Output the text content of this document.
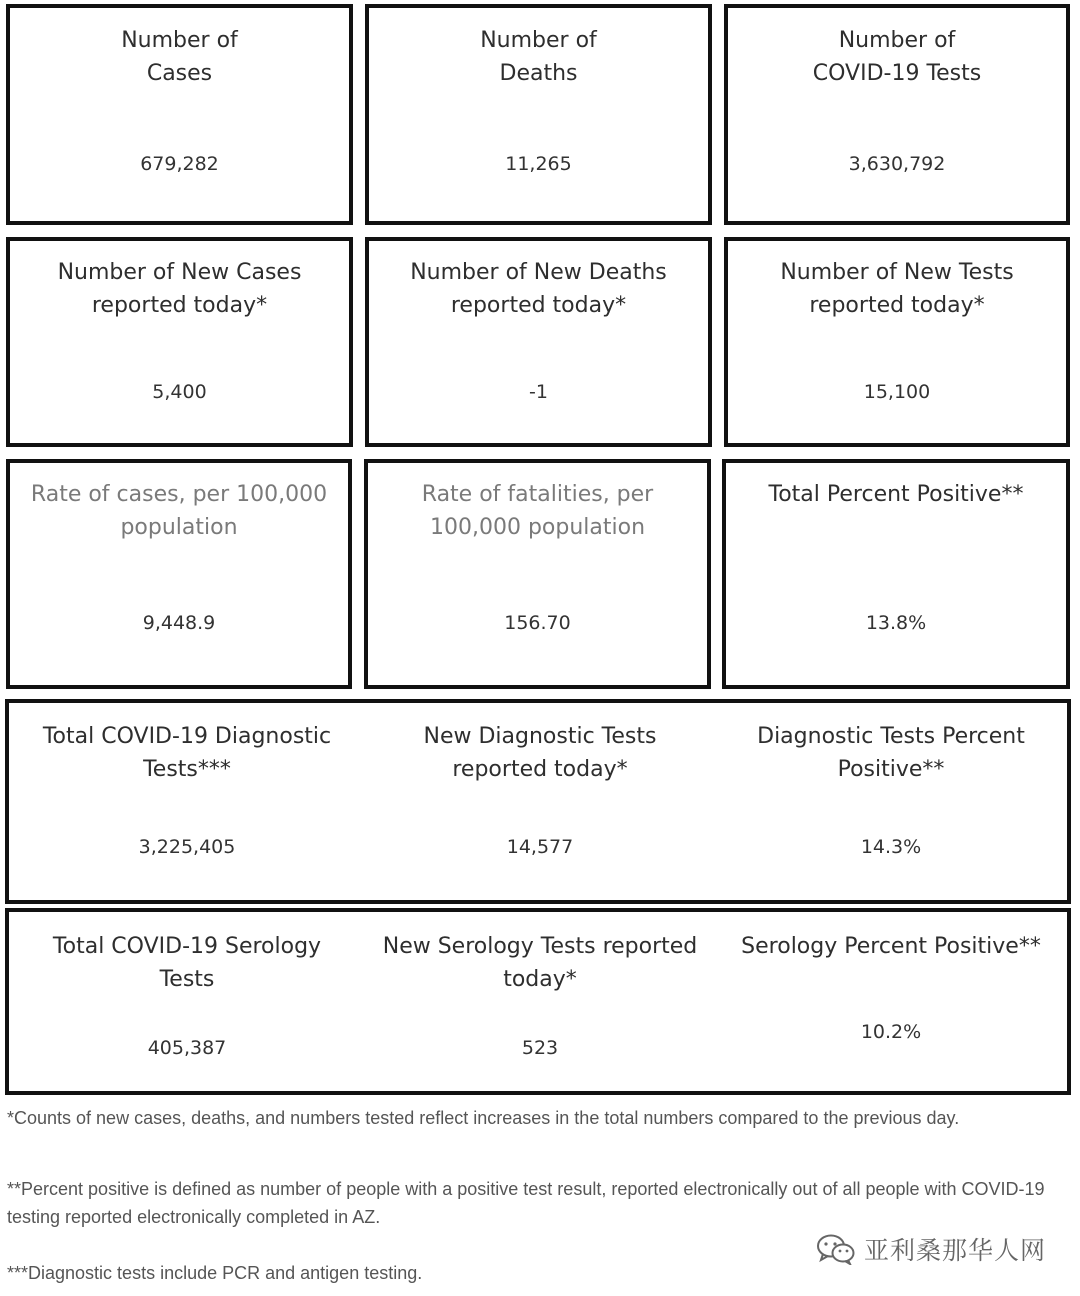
Number of
Cases
679,282
Number of
Deaths
11,265
Number of
COVID-19 Tests
3,630,792
Number of New Cases
reported today*
5,400
Number of New Deaths
reported today*
-1
Number of New Tests
reported today*
15,100
Rate of cases, per 100,000
population
9,448.9
Rate of fatalities, per
100,000 population
156.70
Total Percent Positive**
13.8%
Total COVID-19 Diagnostic
Tests***
3,225,405
New Diagnostic Tests
reported today*
14,577
Diagnostic Tests Percent
Positive**
14.3%
Total COVID-19 Serology
Tests
405,387
New Serology Tests reported
today*
523
Serology Percent Positive**
10.2%
*Counts of new cases, deaths, and numbers tested reflect increases in the total numbers compared to the previous day.
**Percent positive is defined as number of people with a positive test result, reported electronically out of all people with COVID-19 testing reported electronically completed in AZ.
***Diagnostic tests include PCR and antigen testing.
亚利桑那华人网
